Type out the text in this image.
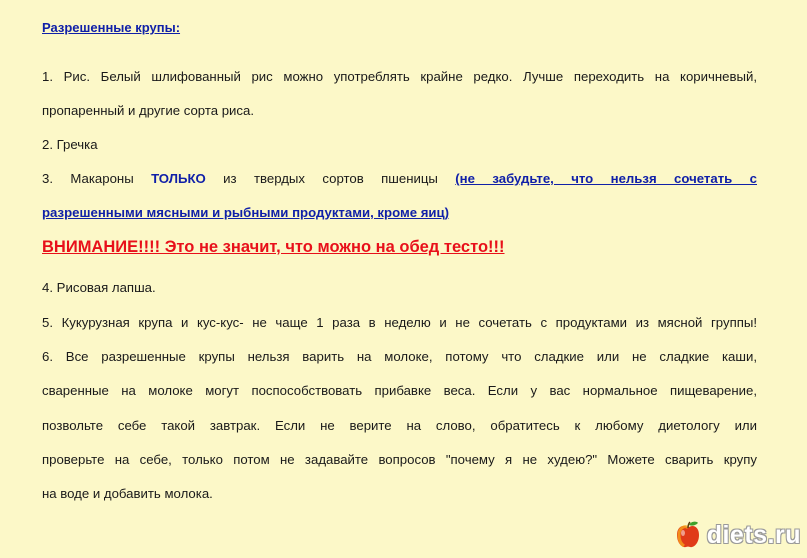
Разрешенные крупы:
1. Рис. Белый шлифованный рис можно употреблять крайне редко. Лучше переходить на коричневый,
пропаренный и другие сорта риса.
2. Гречка
3. Макароны ТОЛЬКО из твердых сортов пшеницы (не забудьте, что нельзя сочетать с
разрешенными мясными и рыбными продуктами, кроме яиц)
ВНИМАНИЕ!!!! Это не значит, что можно на обед тесто!!!
4. Рисовая лапша.
5. Кукурузная крупа и кус-кус- не чаще 1 раза в неделю и не сочетать с продуктами из мясной группы!
6. Все разрешенные крупы нельзя варить на молоке, потому что сладкие или не сладкие каши,
сваренные на молоке могут поспособствовать прибавке веса. Если у вас нормальное пищеварение,
позвольте себе такой завтрак. Если не верите на слово, обратитесь к любому диетологу или
проверьте на себе, только потом не задавайте вопросов "почему я не худею?" Можете сварить крупу
на воде и добавить молока.
diets.ru
